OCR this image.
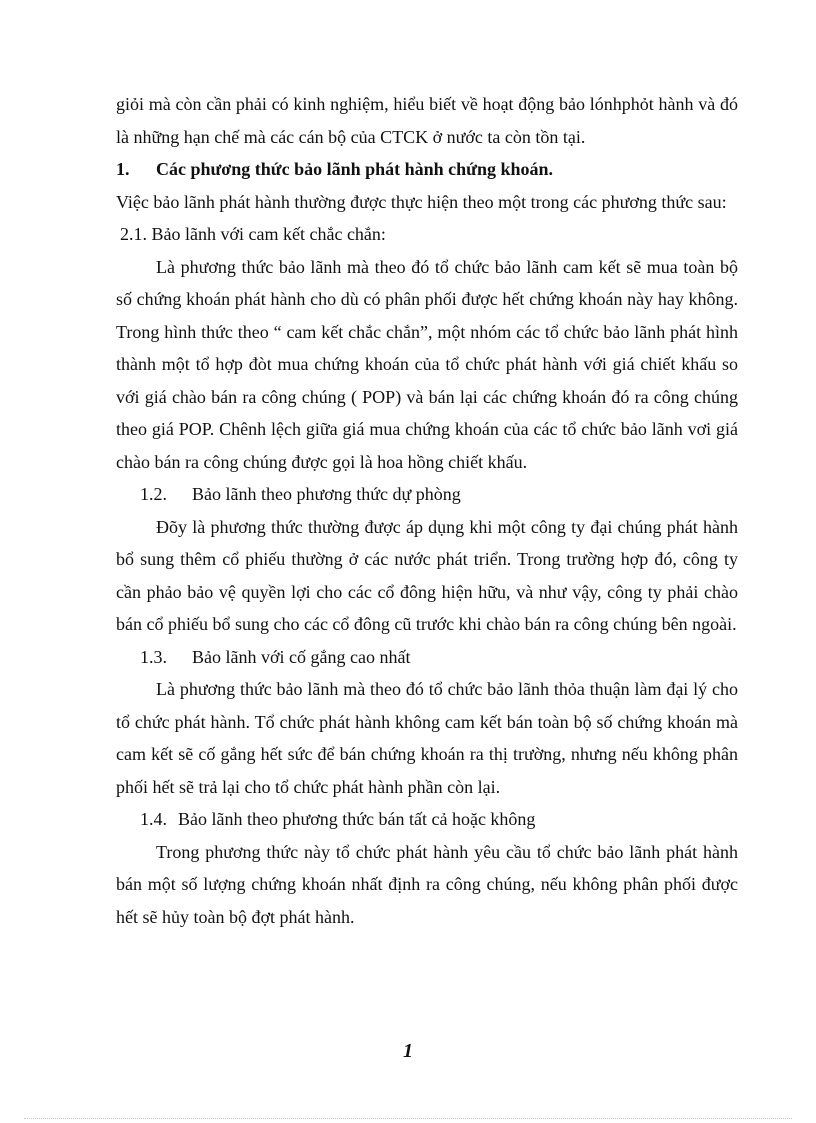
giỏi mà còn cần phải có kinh nghiệm, hiểu biết về hoạt động bảo lónhphỏt hành và đó là những hạn chế mà các cán bộ của CTCK ở nước ta còn tồn tại.

1. Các phương thức bảo lãnh phát hành chứng khoán.

Việc bảo lãnh phát hành thường được thực hiện theo một trong các phương thức sau:

2.1. Bảo lãnh với cam kết chắc chắn:

Là phương thức bảo lãnh mà theo đó tổ chức bảo lãnh cam kết sẽ mua toàn bộ số chứng khoán phát hành cho dù có phân phối được hết chứng khoán này hay không. Trong hình thức theo “ cam kết chắc chắn”, một nhóm các tổ chức bảo lãnh phát hình thành một tổ hợp đòt mua chứng khoán của tổ chức phát hành với giá chiết khấu so với giá chào bán ra công chúng ( POP) và bán lại các chứng khoán đó ra công chúng theo giá POP. Chênh lệch giữa giá mua chứng khoán của các tổ chức bảo lãnh vơi giá chào bán ra công chúng được gọi là hoa hồng chiết khấu.

1.2. Bảo lãnh theo phương thức dự phòng

Đõy là phương thức thường được áp dụng khi một công ty đại chúng phát hành bổ sung thêm cổ phiếu thường ở các nước phát triển. Trong trường hợp đó, công ty cần phảo bảo vệ quyền lợi cho các cổ đông hiện hữu, và như vậy, công ty phải chào bán cổ phiếu bổ sung cho các cổ đông cũ trước khi chào bán ra công chúng bên ngoài.

1.3. Bảo lãnh với cố gắng cao nhất

Là phương thức bảo lãnh mà theo đó tổ chức bảo lãnh thỏa thuận làm đại lý cho tổ chức phát hành. Tổ chức phát hành không cam kết bán toàn bộ số chứng khoán mà cam kết sẽ cố gắng hết sức để bán chứng khoán ra thị trường, nhưng nếu không phân phối hết sẽ trả lại cho tổ chức phát hành phần còn lại.

1.4. Bảo lãnh theo phương thức bán tất cả hoặc không

Trong phương thức này tổ chức phát hành yêu cầu tổ chức bảo lãnh phát hành bán một số lượng chứng khoán nhất định ra công chúng, nếu không phân phối được hết sẽ hủy toàn bộ đợt phát hành.

1
